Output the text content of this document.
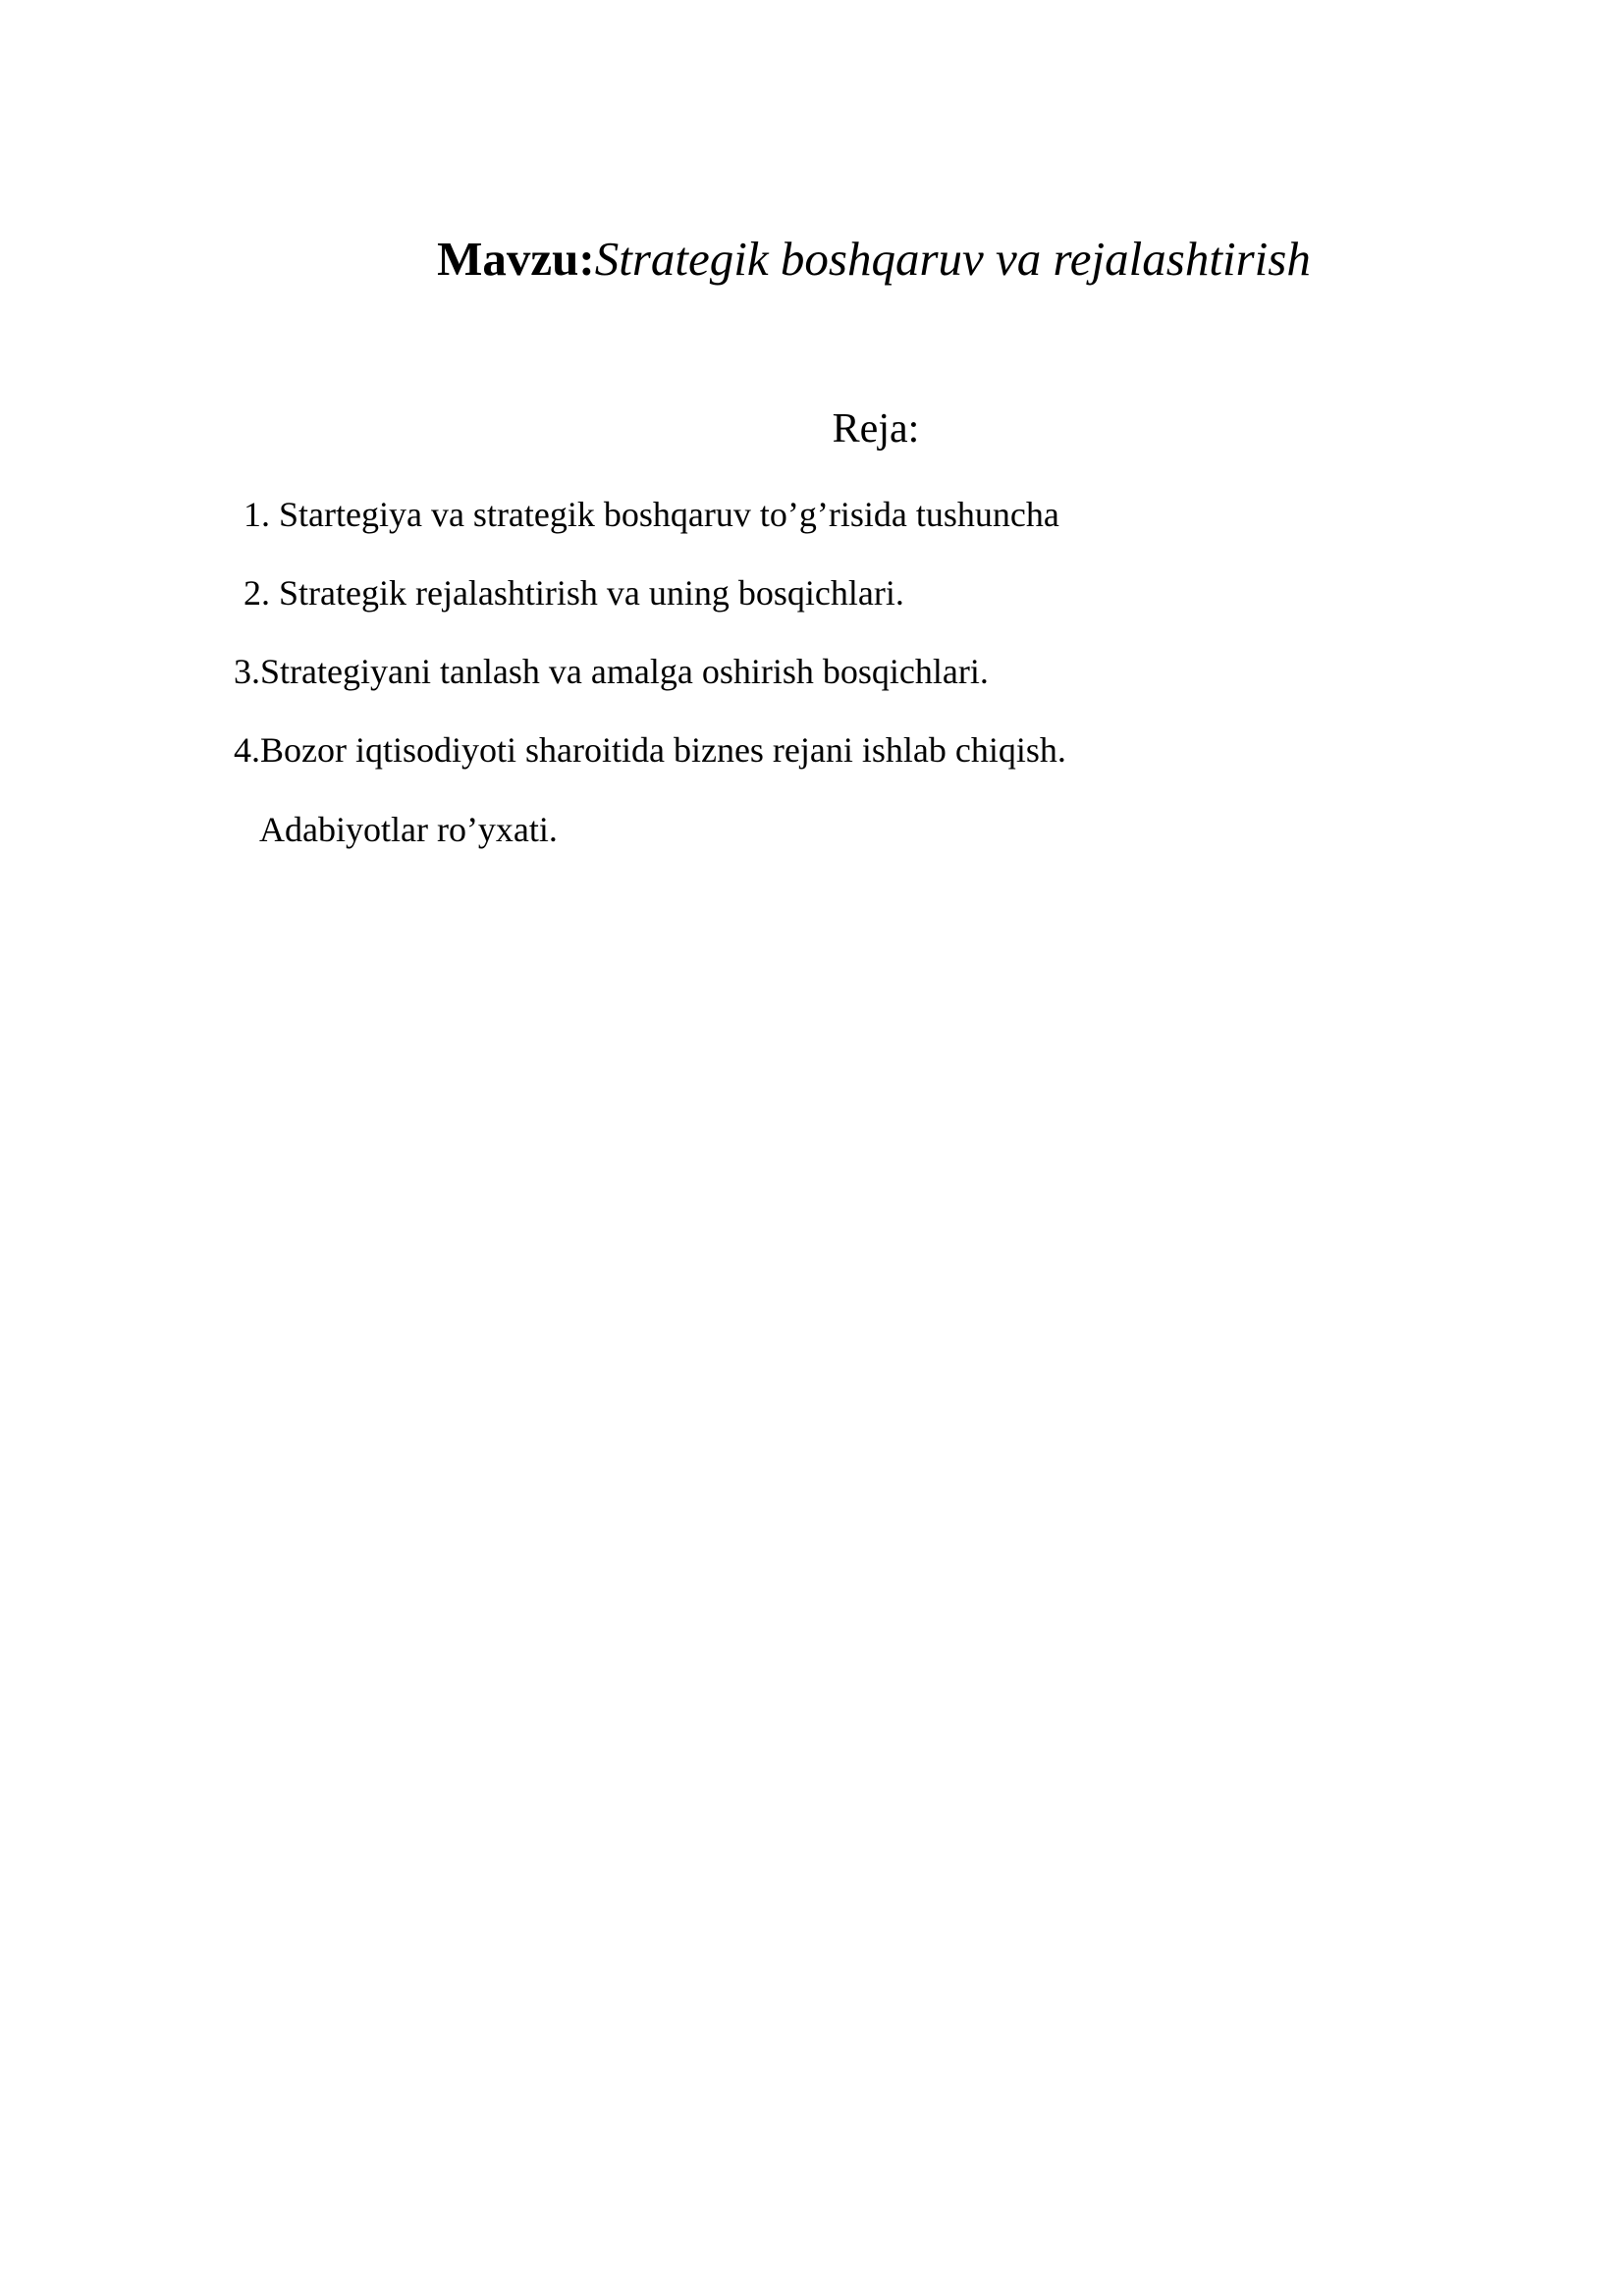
Mavzu:Strategik boshqaruv va rejalashtirish
Reja:
1. Startegiya va strategik boshqaruv to’g’risida tushuncha
2. Strategik rejalashtirish va uning bosqichlari.
3.Strategiyani tanlash va amalga oshirish bosqichlari.
4.Bozor iqtisodiyoti sharoitida biznes rejani ishlab chiqish.
Adabiyotlar ro’yxati.
